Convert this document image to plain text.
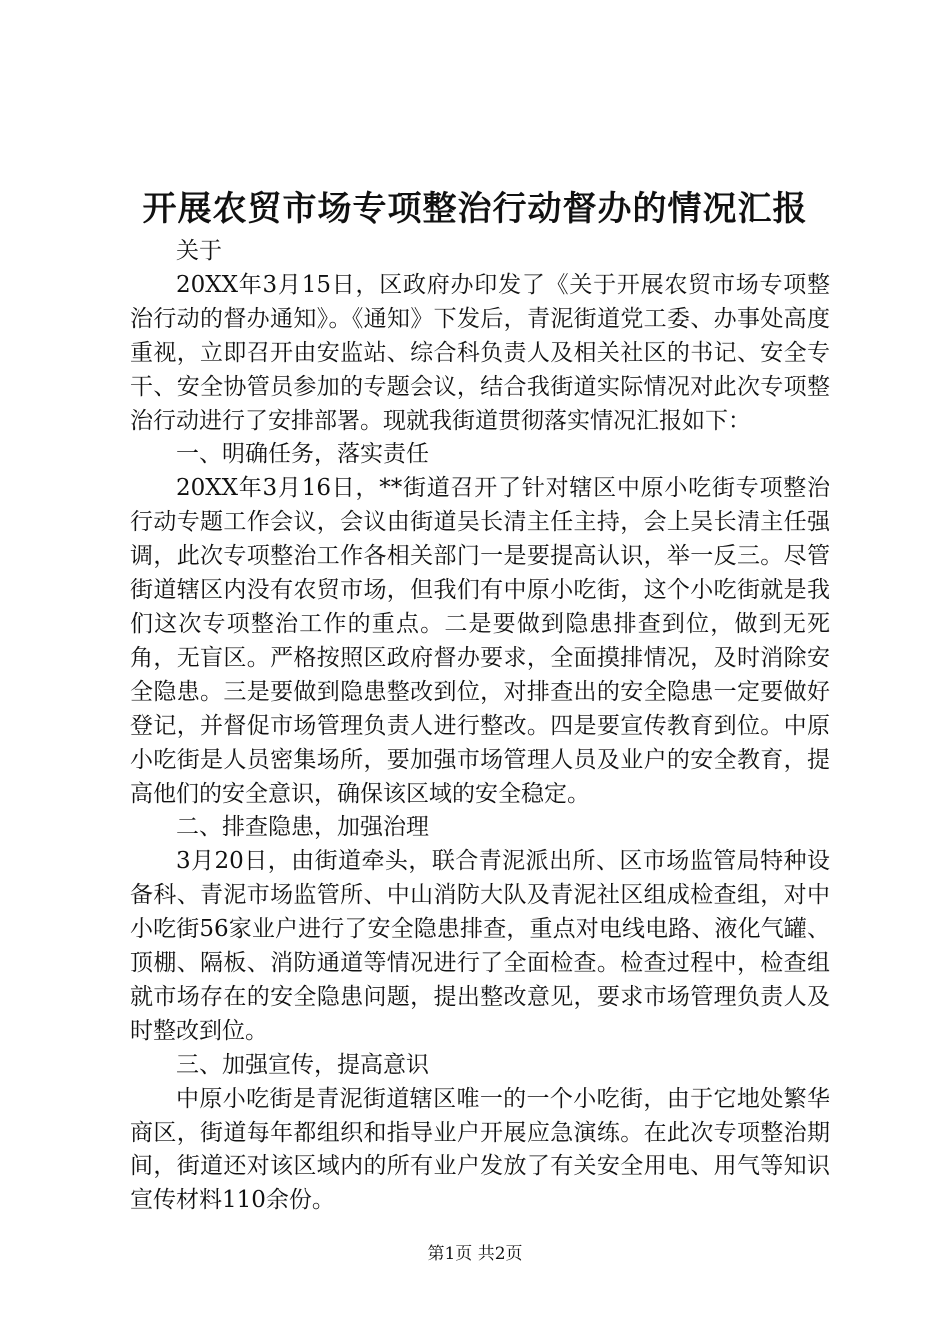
开展农贸市场专项整治行动督办的情况汇报

关于

20XX年3月15日，区政府办印发了《关于开展农贸市场专项整治行动的督办通知》。《通知》下发后，青泥街道党工委、办事处高度重视，立即召开由安监站、综合科负责人及相关社区的书记、安全专干、安全协管员参加的专题会议，结合我街道实际情况对此次专项整治行动进行了安排部署。现就我街道贯彻落实情况汇报如下：

一、明确任务，落实责任

20XX年3月16日，**街道召开了针对辖区中原小吃街专项整治行动专题工作会议，会议由街道吴长清主任主持，会上吴长清主任强调，此次专项整治工作各相关部门一是要提高认识，举一反三。尽管街道辖区内没有农贸市场，但我们有中原小吃街，这个小吃街就是我们这次专项整治工作的重点。二是要做到隐患排查到位，做到无死角，无盲区。严格按照区政府督办要求，全面摸排情况，及时消除安全隐患。三是要做到隐患整改到位，对排查出的安全隐患一定要做好登记，并督促市场管理负责人进行整改。四是要宣传教育到位。中原小吃街是人员密集场所，要加强市场管理人员及业户的安全教育，提高他们的安全意识，确保该区域的安全稳定。

二、排查隐患，加强治理

3月20日，由街道牵头，联合青泥派出所、区市场监管局特种设备科、青泥市场监管所、中山消防大队及青泥社区组成检查组，对中小吃街56家业户进行了安全隐患排查，重点对电线电路、液化气罐、顶棚、隔板、消防通道等情况进行了全面检查。检查过程中，检查组就市场存在的安全隐患问题，提出整改意见，要求市场管理负责人及时整改到位。

三、加强宣传，提高意识

中原小吃街是青泥街道辖区唯一的一个小吃街，由于它地处繁华商区，街道每年都组织和指导业户开展应急演练。在此次专项整治期间，街道还对该区域内的所有业户发放了有关安全用电、用气等知识宣传材料110余份。

第1页 共2页
